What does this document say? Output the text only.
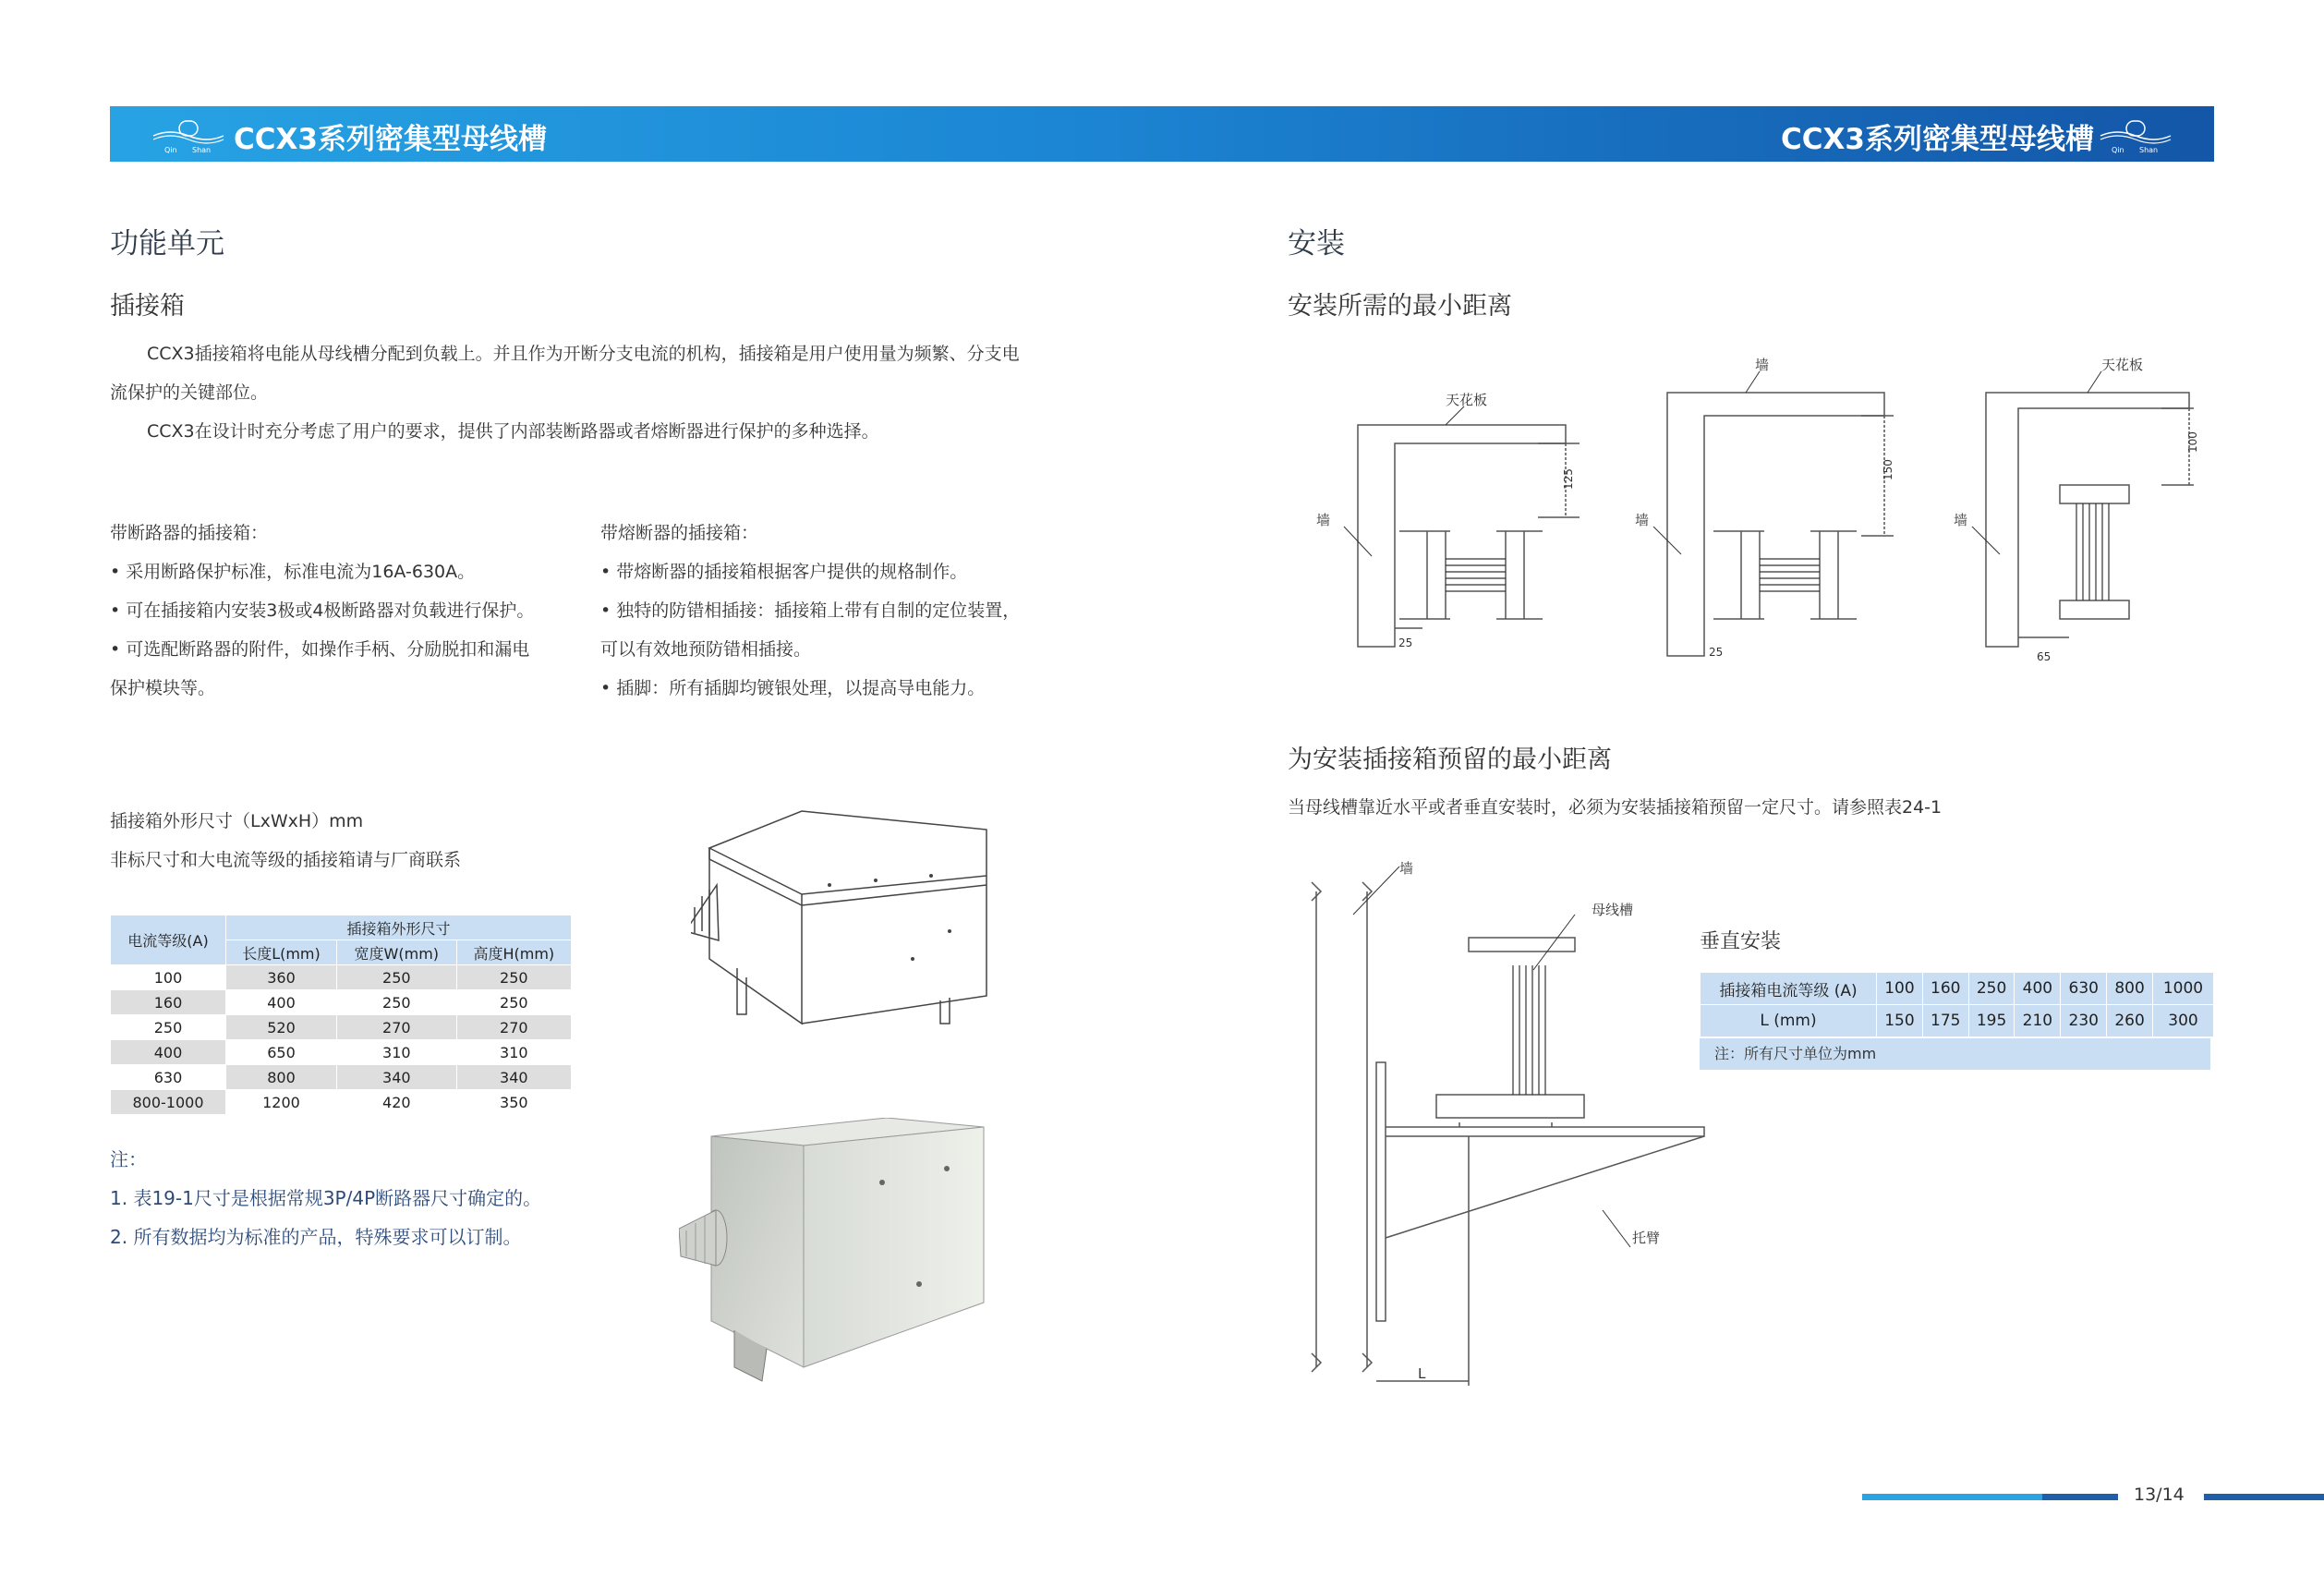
Qin Shan CCX3系列密集型母线槽	CCX3系列密集型母线槽 Qin Shan
功能单元
插接箱
CCX3插接箱将电能从母线槽分配到负载上。并且作为开断分支电流的机构，插接箱是用户使用量为频繁、分支电
流保护的关键部位。
CCX3在设计时充分考虑了用户的要求，提供了内部装断路器或者熔断器进行保护的多种选择。
带断路器的插接箱：
• 采用断路保护标准，标准电流为16A-630A。
• 可在插接箱内安装3极或4极断路器对负载进行保护。
• 可选配断路器的附件，如操作手柄、分励脱扣和漏电
保护模块等。
带熔断器的插接箱：
• 带熔断器的插接箱根据客户提供的规格制作。
• 独特的防错相插接：插接箱上带有自制的定位装置，
可以有效地预防错相插接。
• 插脚：所有插脚均镀银处理，以提高导电能力。
插接箱外形尺寸（LxWxH）mm
非标尺寸和大电流等级的插接箱请与厂商联系
电流等级(A)	插接箱外形尺寸		
	长度L(mm)	宽度W(mm)	高度H(mm)
100	360	250	250
160	400	250	250
250	520	270	270
400	650	310	310
630	800	340	340
800-1000	1200	420	350
注：
1. 表19-1尺寸是根据常规3P/4P断路器尺寸确定的。
2. 所有数据均为标准的产品，特殊要求可以订制。
安装
安装所需的最小距离
天花板
墙
125
25
墙
墙
150
25
天花板
墙
100
65
为安装插接箱预留的最小距离
当母线槽靠近水平或者垂直安装时，必须为安装插接箱预留一定尺寸。请参照表24-1
墙
母线槽
托臂
L
垂直安装
插接箱电流等级 (A)	100	160	250	400	630	800	1000
L (mm)	150	175	195	210	230	260	300
注：所有尺寸单位为mm
13/14
